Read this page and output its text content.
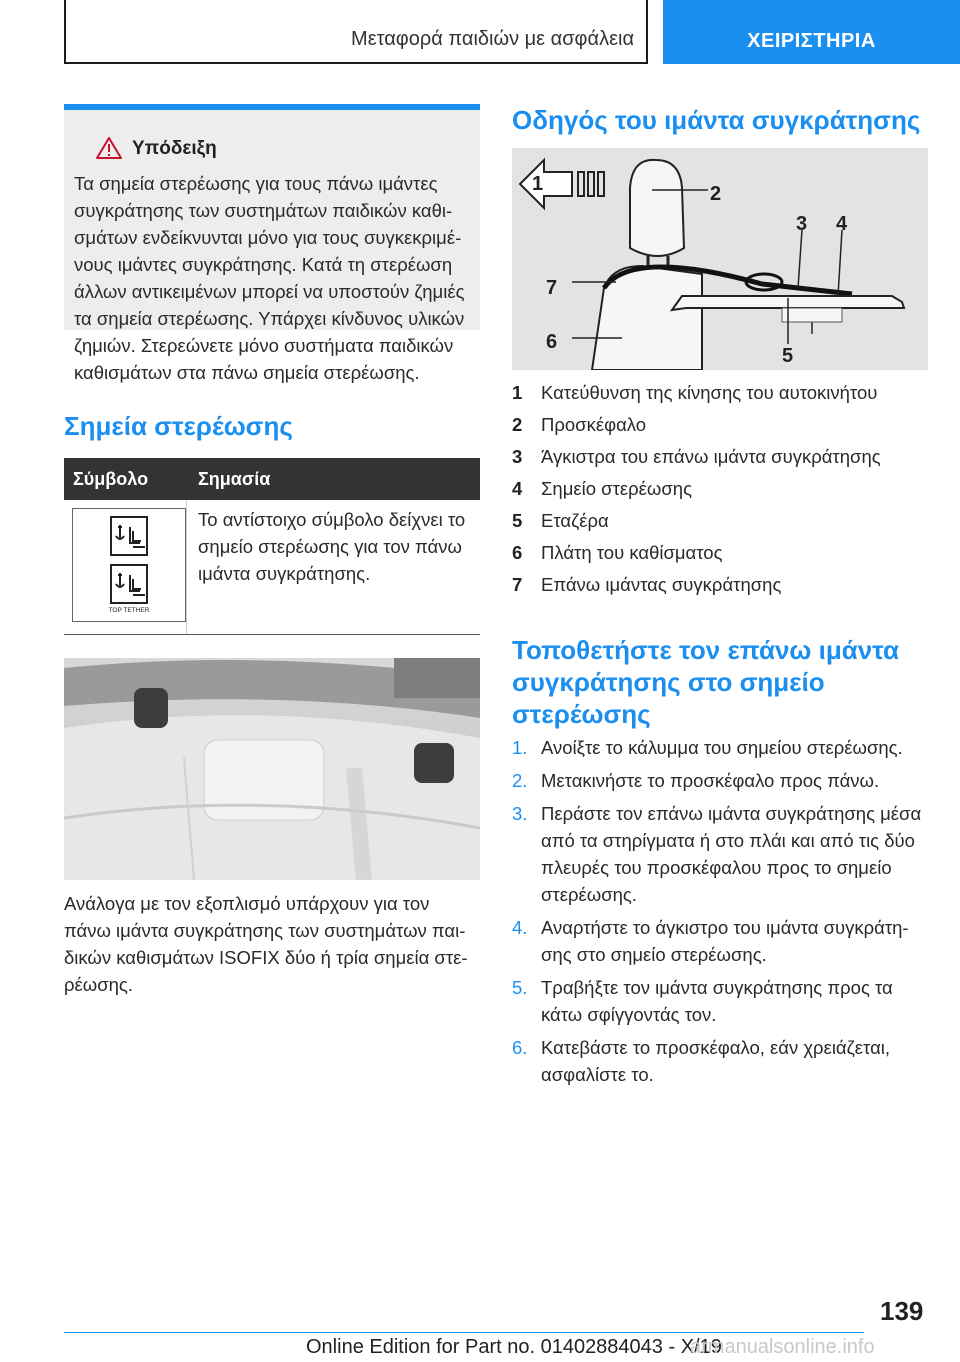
Μεταφορά παιδιών με ασφάλεια	ΧΕΙΡΙΣΤΗΡΙΑ
Υπόδειξη
Τα σημεία στερέωσης για τους πάνω ιμάντες συγκράτησης των συστημάτων παιδικών καθισμάτων ενδείκνυνται μόνο για τους συγκεκριμένους ιμάντες συγκράτησης. Κατά τη στερέωση άλλων αντικειμένων μπορεί να υποστούν ζημιές τα σημεία στερέωσης. Υπάρχει κίνδυνος υλικών ζημιών. Στερεώνετε μόνο συστήματα παιδικών καθισμάτων στα πάνω σημεία στερέωσης.
Σημεία στερέωσης
Σύμβολο	Σημασία
TOP TETHER
Το αντίστοιχο σύμβολο δείχνει το σημείο στερέωσης για τον πάνω ιμάντα συγκράτησης.
Ανάλογα με τον εξοπλισμό υπάρχουν για τον πάνω ιμάντα συγκράτησης των συστημάτων παιδικών καθισμάτων ISOFIX δύο ή τρία σημεία στερέωσης.
Οδηγός του ιμάντα συγκράτησης
1	2
3 4
5
6
7
1 Κατεύθυνση της κίνησης του αυτοκινήτου
2 Προσκέφαλο
3 Άγκιστρα του επάνω ιμάντα συγκράτησης
4 Σημείο στερέωσης
5 Εταζέρα
6 Πλάτη του καθίσματος
7 Επάνω ιμάντας συγκράτησης
Τοποθετήστε τον επάνω ιμάντα συγκράτησης στο σημείο στερέωσης
1. Ανοίξτε το κάλυμμα του σημείου στερέωσης.
2. Μετακινήστε το προσκέφαλο προς πάνω.
3. Περάστε τον επάνω ιμάντα συγκράτησης μέσα από τα στηρίγματα ή στο πλάι και από τις δύο πλευρές του προσκέφαλου προς το σημείο στερέωσης.
4. Αναρτήστε το άγκιστρο του ιμάντα συγκράτησης στο σημείο στερέωσης.
5. Τραβήξτε τον ιμάντα συγκράτησης προς τα κάτω σφίγγοντάς τον.
6. Κατεβάστε το προσκέφαλο, εάν χρειάζεται, ασφαλίστε το.
139
Online Edition for Part no. 01402884043 - X/19
armanualsonline.info
